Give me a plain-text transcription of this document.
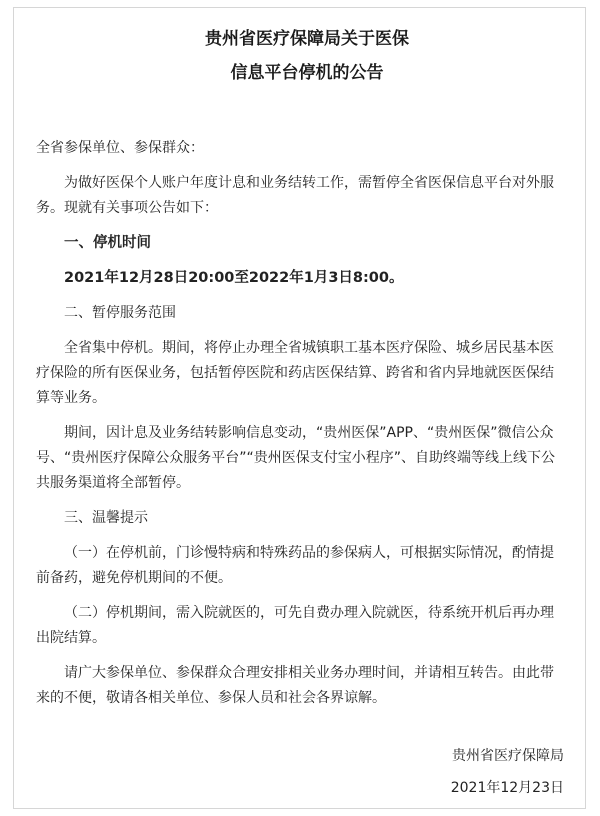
贵州省医疗保障局关于医保
信息平台停机的公告

全省参保单位、参保群众：

为做好医保个人账户年度计息和业务结转工作，需暂停全省医保信息平台对外服务。现就有关事项公告如下：

一、停机时间

2021年12月28日20:00至2022年1月3日8:00。

二、暂停服务范围

全省集中停机。期间，将停止办理全省城镇职工基本医疗保险、城乡居民基本医疗保险的所有医保业务，包括暂停医院和药店医保结算、跨省和省内异地就医医保结算等业务。

期间，因计息及业务结转影响信息变动，“贵州医保”APP、“贵州医保”微信公众号、“贵州医疗保障公众服务平台”“贵州医保支付宝小程序”、自助终端等线上线下公共服务渠道将全部暂停。

三、温馨提示

（一）在停机前，门诊慢特病和特殊药品的参保病人，可根据实际情况，酌情提前备药，避免停机期间的不便。

（二）停机期间，需入院就医的，可先自费办理入院就医，待系统开机后再办理出院结算。

请广大参保单位、参保群众合理安排相关业务办理时间，并请相互转告。由此带来的不便，敬请各相关单位、参保人员和社会各界谅解。

贵州省医疗保障局
2021年12月23日
